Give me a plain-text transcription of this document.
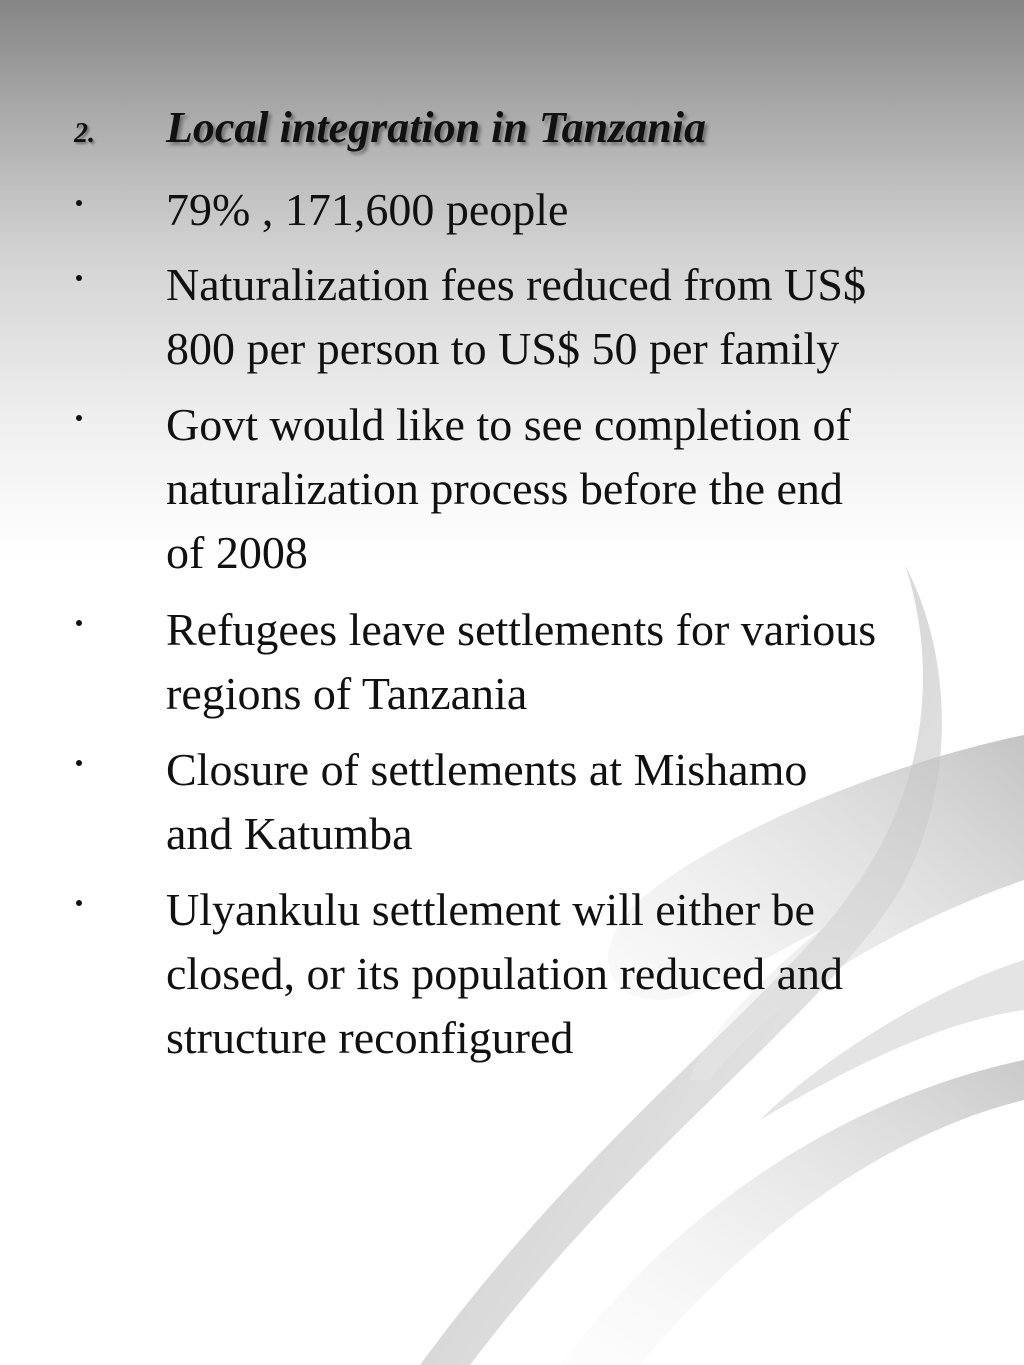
2. Local integration in Tanzania

79% , 171,600 people

Naturalization fees reduced from US$
800 per person to US$ 50 per family

Govt would like to see completion of
naturalization process before the end
of 2008

Refugees leave settlements for various
regions of Tanzania

Closure of settlements at Mishamo
and Katumba

Ulyankulu settlement will either be
closed, or its population reduced and
structure reconfigured
